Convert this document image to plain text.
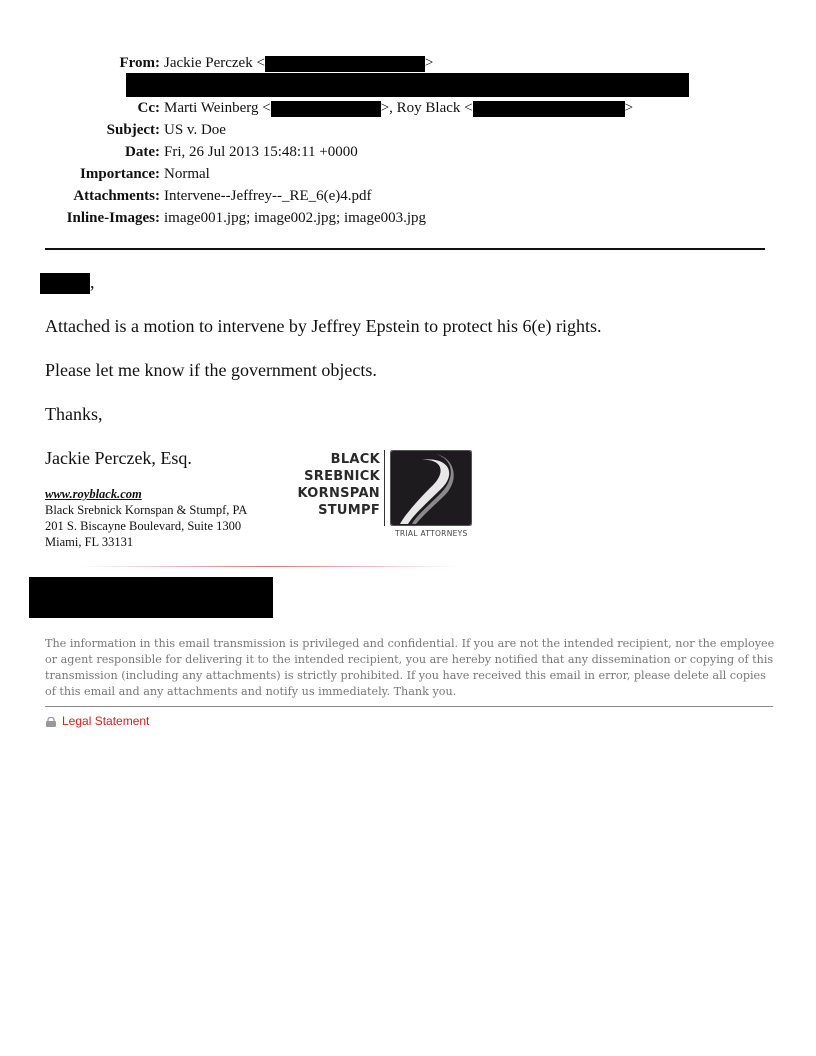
From: Jackie Perczek <	>
Cc: Marti Weinberg <	>, Roy Black <	>
Subject: US v. Doe
Date: Fri, 26 Jul 2013 15:48:11 +0000
Importance: Normal
Attachments: Intervene--Jeffrey--_RE_6(e)4.pdf
Inline-Images: image001.jpg; image002.jpg; image003.jpg
,
Attached is a motion to intervene by Jeffrey Epstein to protect his 6(e) rights.
Please let me know if the government objects.
Thanks,
Jackie Perczek, Esq.
www.royblack.com
Black Srebnick Kornspan & Stumpf, PA
201 S. Biscayne Boulevard, Suite 1300
Miami, FL 33131
BLACK
SREBNICK
KORNSPAN
STUMPF
TRIAL ATTORNEYS
The information in this email transmission is privileged and confidential. If you are not the intended recipient, nor the employee or agent responsible for delivering it to the intended recipient, you are hereby notified that any dissemination or copying of this transmission (including any attachments) is strictly prohibited. If you have received this email in error, please delete all copies of this email and any attachments and notify us immediately. Thank you.
Legal Statement
